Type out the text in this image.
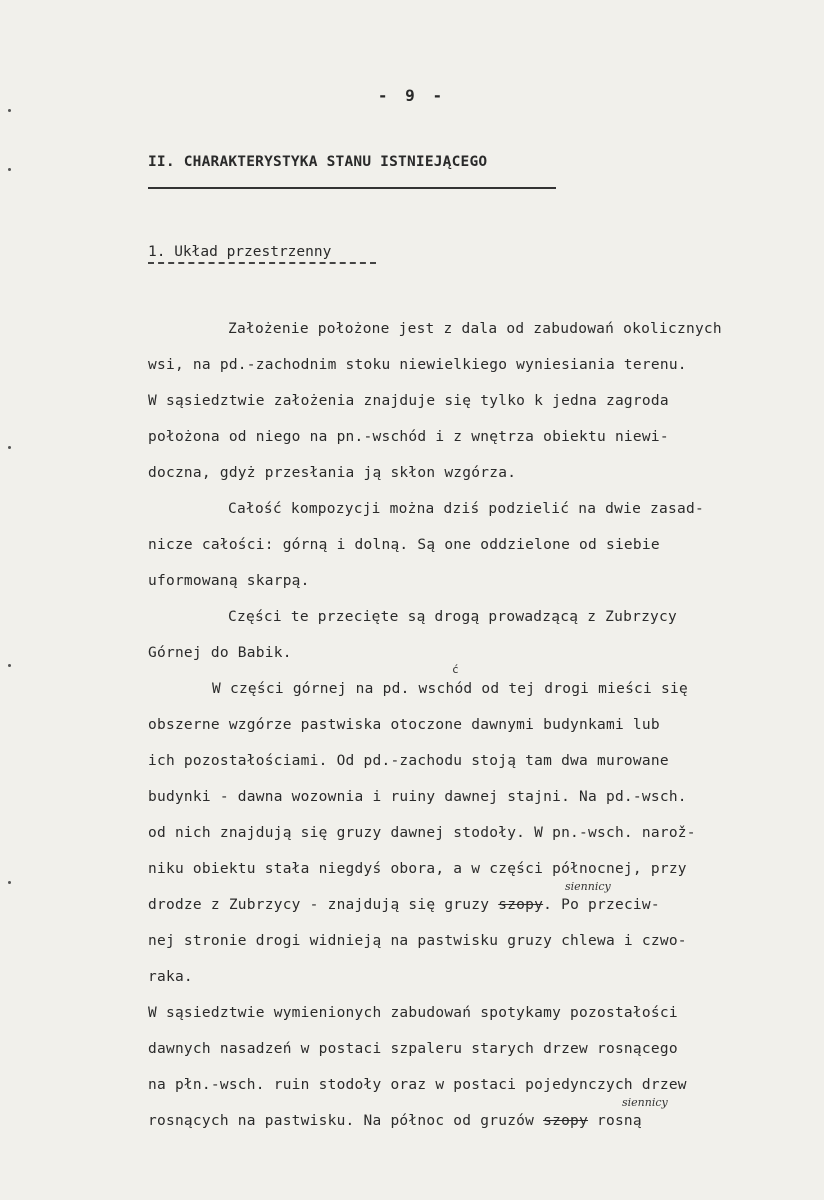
- 9 -
II. CHARAKTERYSTYKA STANU ISTNIEJĄCEGO
1. Układ przestrzenny
Założenie położone jest z dala od zabudowań okolicznych
wsi, na pd.-zachodnim stoku niewielkiego wyniesiania terenu.
W sąsiedztwie założenia znajduje się tylko k jedna zagroda
położona od niego na pn.-wschód i z wnętrza obiektu niewi-
doczna, gdyż przesłania ją skłon wzgórza.
Całość kompozycji można dziś podzielić na dwie zasad-
nicze całości: górną i dolną. Są one oddzielone od siebie
uformowaną skarpą.
Części te przecięte są drogą prowadzącą z Zubrzycy
Górnej do Babik.
ć
W części górnej na pd. wschód od tej drogi mieści się
obszerne wzgórze pastwiska otoczone dawnymi budynkami lub
ich pozostałościami. Od pd.-zachodu stoją tam dwa murowane
budynki - dawna wozownia i ruiny dawnej stajni. Na pd.-wsch.
od nich znajdują się gruzy dawnej stodoły. W pn.-wsch. narož-
niku obiektu stała niegdyś obora, a w części północnej, przy
siennicy
drodze z Zubrzycy - znajdują się gruzy szopy. Po przeciw-
nej stronie drogi widnieją na pastwisku gruzy chlewa i czwo-
raka.
W sąsiedztwie wymienionych zabudowań spotykamy pozostałości
dawnych nasadzeń w postaci szpaleru starych drzew rosnącego
na płn.-wsch. ruin stodoły oraz w postaci pojedynczych drzew
siennicy
rosnących na pastwisku. Na północ od gruzów szopy rosną
